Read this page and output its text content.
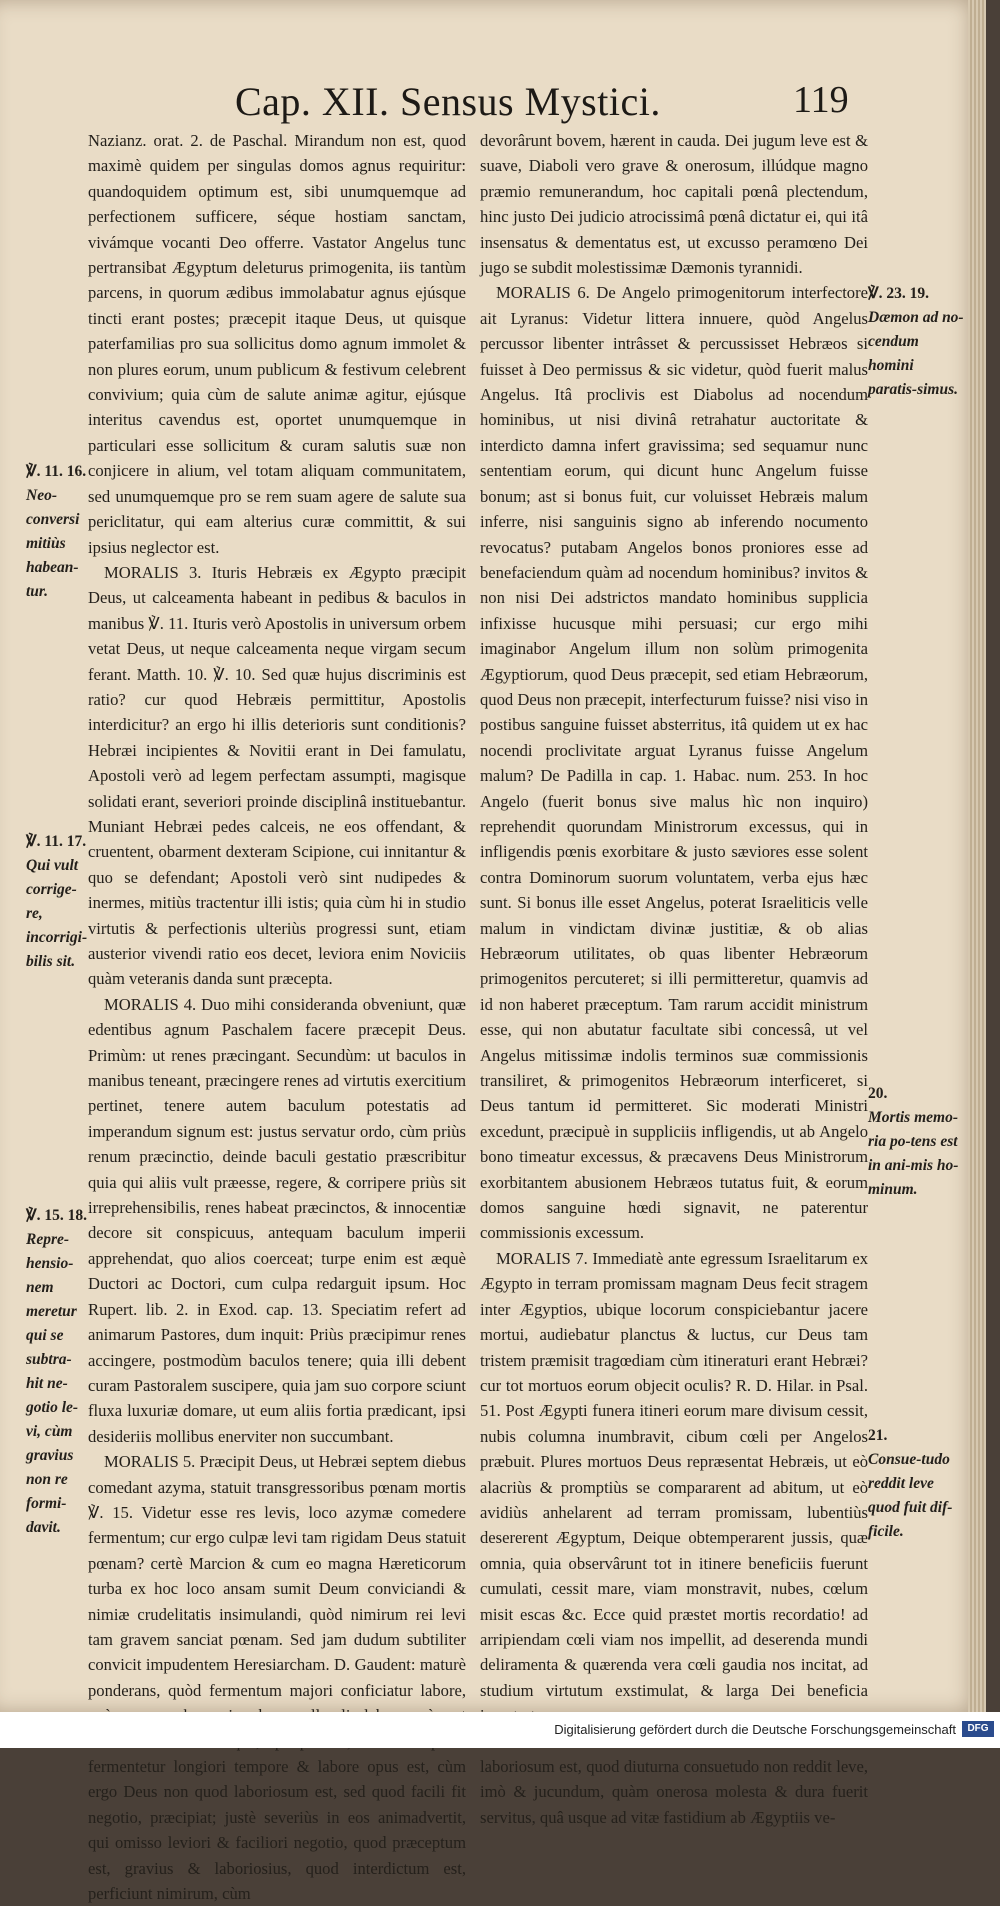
Cap. XII. Sensus Mystici.	119

Nazianz. orat. 2. de Paschal. Mirandum non est, quod maximè quidem per singulas domos agnus requiritur: quandoquidem optimum est, sibi unumquemque ad perfectionem sufficere, séque hostiam sanctam, vivámque vocanti Deo offerre. Vastator Angelus tunc pertransibat Ægyptum deleturus primogenita, iis tantùm parcens, in quorum ædibus immolabatur agnus ejúsque tincti erant postes; præcepit itaque Deus, ut quisque paterfamilias pro sua sollicitus domo agnum immolet & non plures eorum, unum publicum & festivum celebrent convivium; quia cùm de salute animæ agitur, ejúsque interitus cavendus est, oportet unumquemque in particulari esse sollicitum & curam salutis suæ non conjicere in alium, vel totam aliquam communitatem, sed unumquemque pro se rem suam agere de salute sua periclitatur, qui eam alterius curæ committit, & sui ipsius neglector est.

MORALIS 3. Ituris Hebræis ex Ægypto præcipit Deus, ut calceamenta habeant in pedibus & baculos in manibus ℣. 11. Ituris verò Apostolis in universum orbem vetat Deus, ut neque calceamenta neque virgam secum ferant. Matth. 10. ℣. 10. Sed quæ hujus discriminis est ratio? cur quod Hebræis permittitur, Apostolis interdicitur? an ergo hi illis deterioris sunt conditionis? Hebræi incipientes & Novitii erant in Dei famulatu, Apostoli verò ad legem perfectam assumpti, magisque solidati erant, severiori proinde disciplinâ instituebantur. Muniant Hebræi pedes calceis, ne eos offendant, & cruentent, obarment dexteram Scipione, cui innitantur & quo se defendant; Apostoli verò sint nudipedes & inermes, mitiùs tractentur illi istis; quia cùm hi in studio virtutis & perfectionis ulteriùs progressi sunt, etiam austerior vivendi ratio eos decet, leviora enim Noviciis quàm veteranis danda sunt præcepta.

MORALIS 4. Duo mihi consideranda obveniunt, quæ edentibus agnum Paschalem facere præcepit Deus. Primùm: ut renes præcingant. Secundùm: ut baculos in manibus teneant, præcingere renes ad virtutis exercitium pertinet, tenere autem baculum potestatis ad imperandum signum est: justus servatur ordo, cùm priùs renum præcinctio, deinde baculi gestatio præscribitur quia qui aliis vult præesse, regere, & corripere priùs sit irreprehensibilis, renes habeat præcinctos, & innocentiæ decore sit conspicuus, antequam baculum imperii apprehendat, quo alios coerceat; turpe enim est æquè Ductori ac Doctori, cum culpa redarguit ipsum. Hoc Rupert. lib. 2. in Exod. cap. 13. Speciatim refert ad animarum Pastores, dum inquit: Priùs præcipimur renes accingere, postmodùm baculos tenere; quia illi debent curam Pastoralem suscipere, quia jam suo corpore sciunt fluxa luxuriæ domare, ut eum aliis fortia prædicant, ipsi desideriis mollibus enerviter non succumbant.

MORALIS 5. Præcipit Deus, ut Hebræi septem diebus comedant azyma, statuit transgressoribus pœnam mortis ℣. 15. Videtur esse res levis, loco azymæ comedere fermentum; cur ergo culpæ levi tam rigidam Deus statuit pœnam? certè Marcion & cum eo magna Hæreticorum turba ex hoc loco ansam sumit Deum conviciandi & nimiæ crudelitatis insimulandi, quòd nimirum rei levi tam gravem sanciat pœnam. Sed jam dudum subtiliter convicit impudentem Heresiarcham. D. Gaudent: maturè ponderans, quòd fermentum majori conficiatur labore, fermentetur longiori tempore & labore opus est, cùm ergo Deus non quod laboriosum est, sed quod facili fit negotio, præcipiat; justè severiùs in eos animadvertit, qui omisso leviori & faciliori negotio, quod præceptum est, gravius & laboriosius, quod interdictum est, perficiunt nimirum, cùm

devorârunt bovem, hærent in cauda. Dei jugum leve est & suave, Diaboli vero grave & onerosum, illúdque magno præmio remunerandum, hoc capitali pœnâ plectendum, hinc justo Dei judicio atrocissimâ pœnâ dictatur ei, qui itâ insensatus & dementatus est, ut excusso peramœno Dei jugo se subdit molestissimæ Dæmonis tyrannidi.

MORALIS 6. De Angelo primogenitorum interfectore ait Lyranus: Videtur littera innuere, quòd Angelus percussor libenter intrâsset & percussisset Hebræos si fuisset à Deo permissus & sic videtur, quòd fuerit malus Angelus. Itâ proclivis est Diabolus ad nocendum hominibus, ut nisi divinâ retrahatur auctoritate & interdicto damna infert gravissima; sed sequamur nunc sententiam eorum, qui dicunt hunc Angelum fuisse bonum; ast si bonus fuit, cur voluisset Hebræis malum inferre, nisi sanguinis signo ab inferendo nocumento revocatus? putabam Angelos bonos proniores esse ad benefaciendum quàm ad nocendum hominibus? invitos & non nisi Dei adstrictos mandato hominibus supplicia infixisse hucusque mihi persuasi; cur ergo mihi imaginabor Angelum illum non solùm primogenita Ægyptiorum, quod Deus præcepit, sed etiam Hebræorum, quod Deus non præcepit, interfecturum fuisse? nisi viso in postibus sanguine fuisset absterritus, itâ quidem ut ex hac nocendi proclivitate arguat Lyranus fuisse Angelum malum? De Padilla in cap. 1. Habac. num. 253. In hoc Angelo (fuerit bonus sive malus hìc non inquiro) reprehendit quorundam Ministrorum excessus, qui in infligendis pœnis exorbitare & justo sæviores esse solent contra Dominorum suorum voluntatem, verba ejus hæc sunt. Si bonus ille esset Angelus, poterat Israeliticis velle malum in vindictam divinæ justitiæ, & ob alias Hebræorum utilitates, ob quas libenter Hebræorum primogenitos percuteret; si illi permitteretur, quamvis ad id non haberet præceptum. Tam rarum accidit ministrum esse, qui non abutatur facultate sibi concessâ, ut vel Angelus mitissimæ indolis terminos suæ commissionis transiliret, & primogenitos Hebræorum interficeret, si Deus tantum id permitteret. Sic moderati Ministri excedunt, præcipuè in suppliciis infligendis, ut ab Angelo bono timeatur excessus, & præcavens Deus Ministrorum exorbitantem abusionem Hebræos tutatus fuit, & eorum domos sanguine hœdi signavit, ne paterentur commissionis excessum.

MORALIS 7. Immediatè ante egressum Israelitarum ex Ægypto in terram promissam magnam Deus fecit stragem inter Ægyptios, ubique locorum conspiciebantur jacere mortui, audiebatur planctus & luctus, cur Deus tam tristem præmisit tragœdiam cùm itineraturi erant Hebræi? cur tot mortuos eorum objecit oculis? R. D. Hilar. in Psal. 51. Post Ægypti funera itineri eorum mare divisum cessit, nubis columna inumbravit, cibum cœli per Angelos præbuit. Plures mortuos Deus repræsentat Hebræis, ut eò alacriùs & promptiùs se compararent ad abitum, ut eò avidiùs anhelarent ad terram promissam, lubentiùs desererent Ægyptum, Deique obtemperarent jussis, quæ omnia, quia observârunt tot in itinere beneficiis fuerunt cumulati, cessit mare, viam monstravit, nubes, cœlum misit escas &c. Ecce quid præstet mortis recordatio! ad arripiendam cœli viam nos impellit, ad deserenda mundi deliramenta & quærenda vera cœli gaudia nos incitat, ad studium virtutum exstimulat, & larga Dei beneficia

laboriosum est, quod diuturna consuetudo non reddit leve, imò & jucundum, quàm onerosa molesta & dura fuerit servitus, quâ usque ad vitæ fastidium ab Ægyptiis ve-

℣. 11. 16.
Neo-conversi mitiùs habean-tur.
℣. 11. 17.
Qui vult corrige-re, incorrigi-bilis sit.
℣. 15. 18.
Repre-hensio-nem meretur qui se subtra-hit ne-gotio le-vi, cùm gravius non re formi-davit.
℣. 23. 19.
Dæmon ad no-cendum homini paratis-simus.
20.
Mortis memo-ria po-tens est in ani-mis ho-minum.
21.
Consue-tudo reddit leve quod fuit dif-ficile.
Digitalisierung gefördert durch die Deutsche Forschungsgemeinschaft	DFG
